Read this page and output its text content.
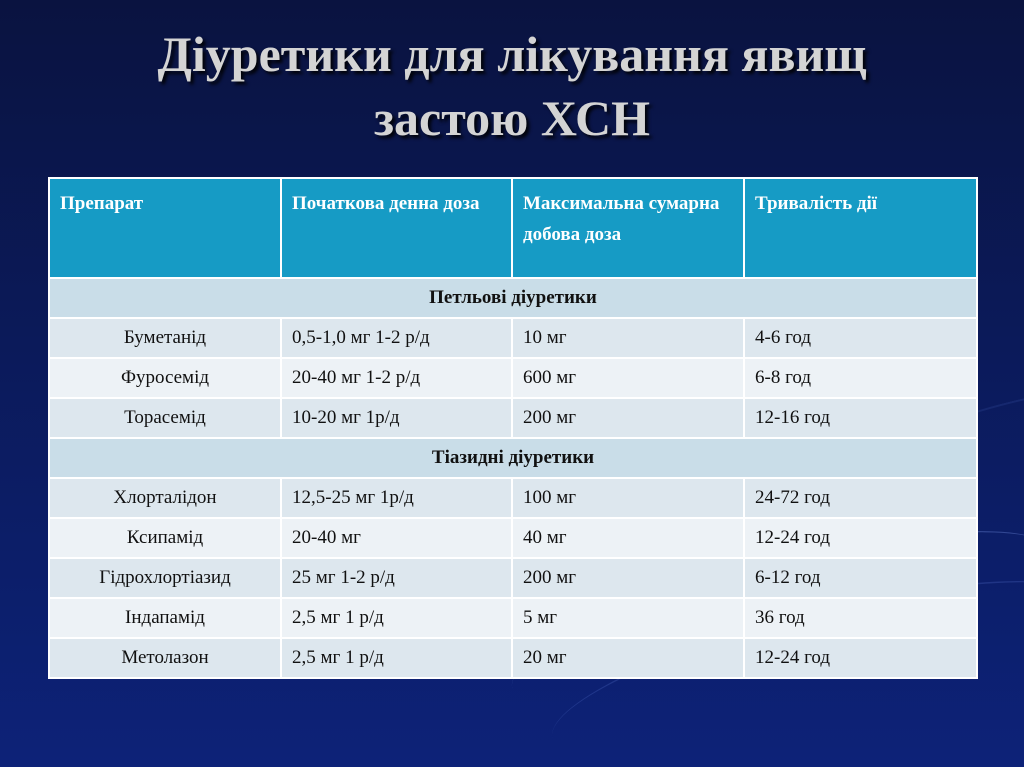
Діуретики для лікування явищ
застою ХСН
Препарат	Початкова денна доза	Максимальна сумарна добова доза	Тривалість дії
Петльові діуретики			
Буметанід	0,5-1,0 мг 1-2 р/д	10 мг	4-6 год
Фуросемід	20-40 мг 1-2 р/д	600 мг	6-8 год
Торасемід	10-20 мг 1р/д	200 мг	12-16 год
Тіазидні діуретики			
Хлорталідон	12,5-25 мг 1р/д	100 мг	24-72 год
Ксипамід	20-40 мг	40 мг	12-24 год
Гідрохлортіазид	25 мг 1-2 р/д	200 мг	6-12 год
Індапамід	2,5 мг 1 р/д	5 мг	36 год
Метолазон	2,5 мг 1 р/д	20 мг	12-24 год
